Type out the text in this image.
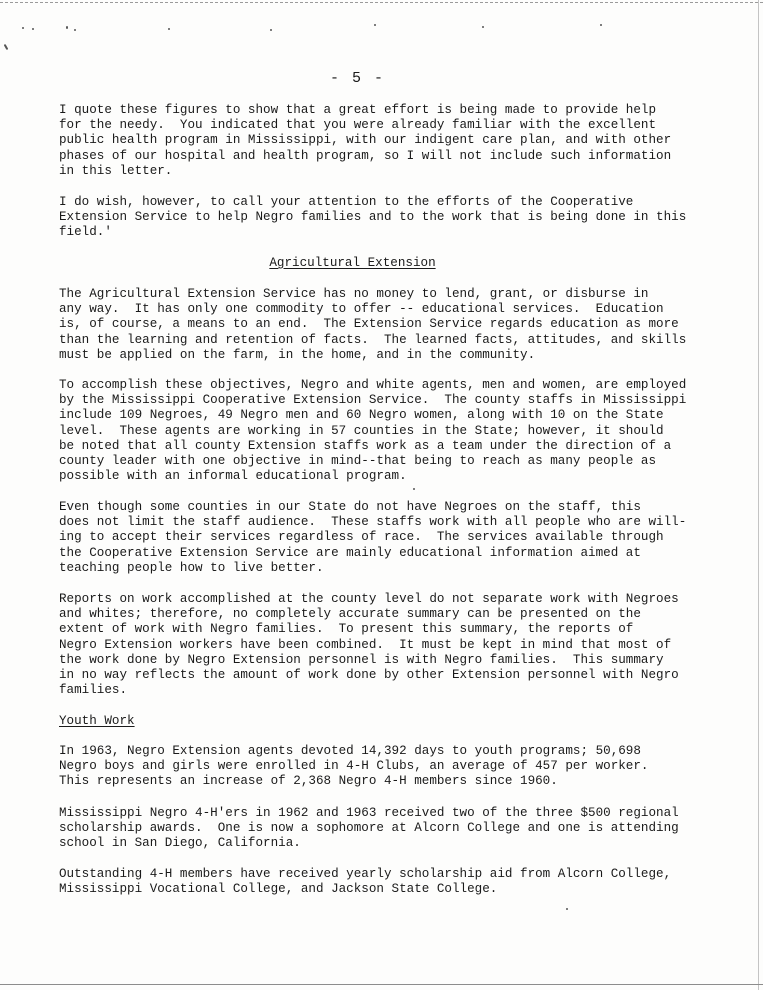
- 5 -

I quote these figures to show that a great effort is being made to provide help
for the needy.  You indicated that you were already familiar with the excellent
public health program in Mississippi, with our indigent care plan, and with other
phases of our hospital and health program, so I will not include such information
in this letter.

I do wish, however, to call your attention to the efforts of the Cooperative
Extension Service to help Negro families and to the work that is being done in this
field.'

Agricultural Extension

The Agricultural Extension Service has no money to lend, grant, or disburse in
any way.  It has only one commodity to offer -- educational services.  Education
is, of course, a means to an end.  The Extension Service regards education as more
than the learning and retention of facts.  The learned facts, attitudes, and skills
must be applied on the farm, in the home, and in the community.

To accomplish these objectives, Negro and white agents, men and women, are employed
by the Mississippi Cooperative Extension Service.  The county staffs in Mississippi
include 109 Negroes, 49 Negro men and 60 Negro women, along with 10 on the State
level.  These agents are working in 57 counties in the State; however, it should
be noted that all county Extension staffs work as a team under the direction of a
county leader with one objective in mind--that being to reach as many people as
possible with an informal educational program.

Even though some counties in our State do not have Negroes on the staff, this
does not limit the staff audience.  These staffs work with all people who are will-
ing to accept their services regardless of race.  The services available through
the Cooperative Extension Service are mainly educational information aimed at
teaching people how to live better.

Reports on work accomplished at the county level do not separate work with Negroes
and whites; therefore, no completely accurate summary can be presented on the
extent of work with Negro families.  To present this summary, the reports of
Negro Extension workers have been combined.  It must be kept in mind that most of
the work done by Negro Extension personnel is with Negro families.  This summary
in no way reflects the amount of work done by other Extension personnel with Negro
families.

Youth Work

In 1963, Negro Extension agents devoted 14,392 days to youth programs; 50,698
Negro boys and girls were enrolled in 4-H Clubs, an average of 457 per worker.
This represents an increase of 2,368 Negro 4-H members since 1960.

Mississippi Negro 4-H'ers in 1962 and 1963 received two of the three $500 regional
scholarship awards.  One is now a sophomore at Alcorn College and one is attending
school in San Diego, California.

Outstanding 4-H members have received yearly scholarship aid from Alcorn College,
Mississippi Vocational College, and Jackson State College.
